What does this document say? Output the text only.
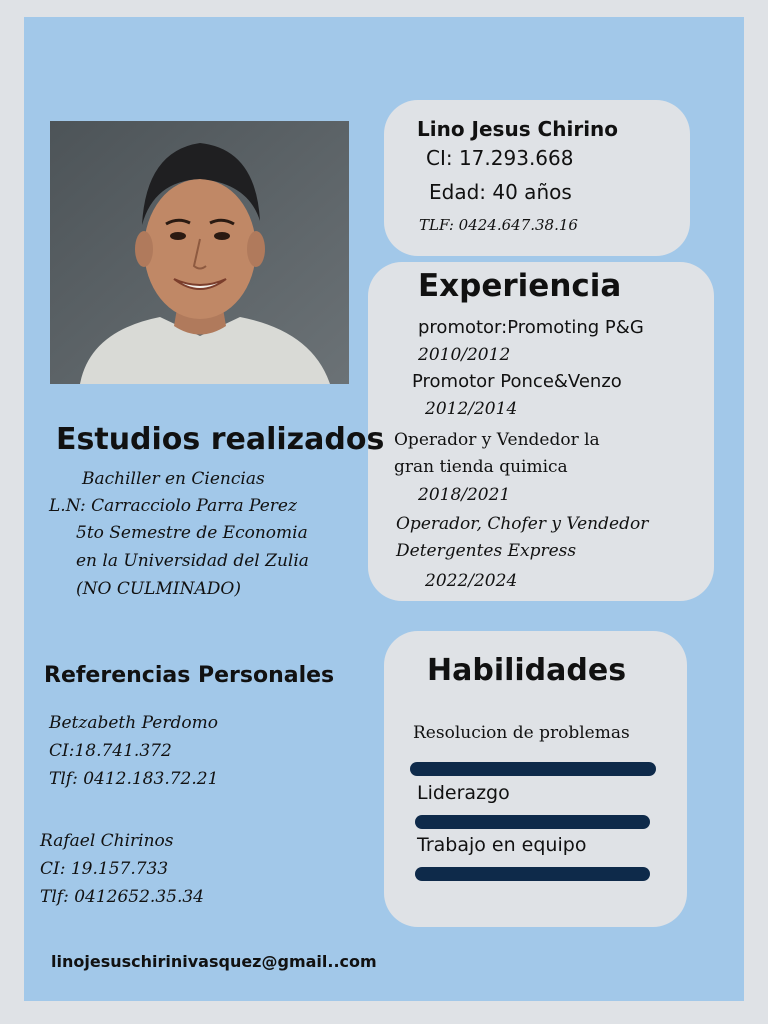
Lino Jesus Chirino
CI: 17.293.668
Edad: 40 años
TLF: 0424.647.38.16
Experiencia
promotor:Promoting P&G
2010/2012
Promotor Ponce&Venzo
2012/2014
Operador y Vendedor la
gran tienda quimica
2018/2021
Operador, Chofer y Vendedor
Detergentes Express
2022/2024
Estudios realizados
Bachiller en Ciencias
L.N: Carracciolo Parra Perez
5to Semestre de Economia
en la Universidad del Zulia
(NO CULMINADO)
Referencias Personales
Betzabeth Perdomo
CI:18.741.372
Tlf: 0412.183.72.21
Rafael Chirinos
CI: 19.157.733
Tlf: 0412652.35.34
Habilidades
Resolucion de problemas
Liderazgo
Trabajo en equipo
linojesuschirinivasquez@gmail..com
